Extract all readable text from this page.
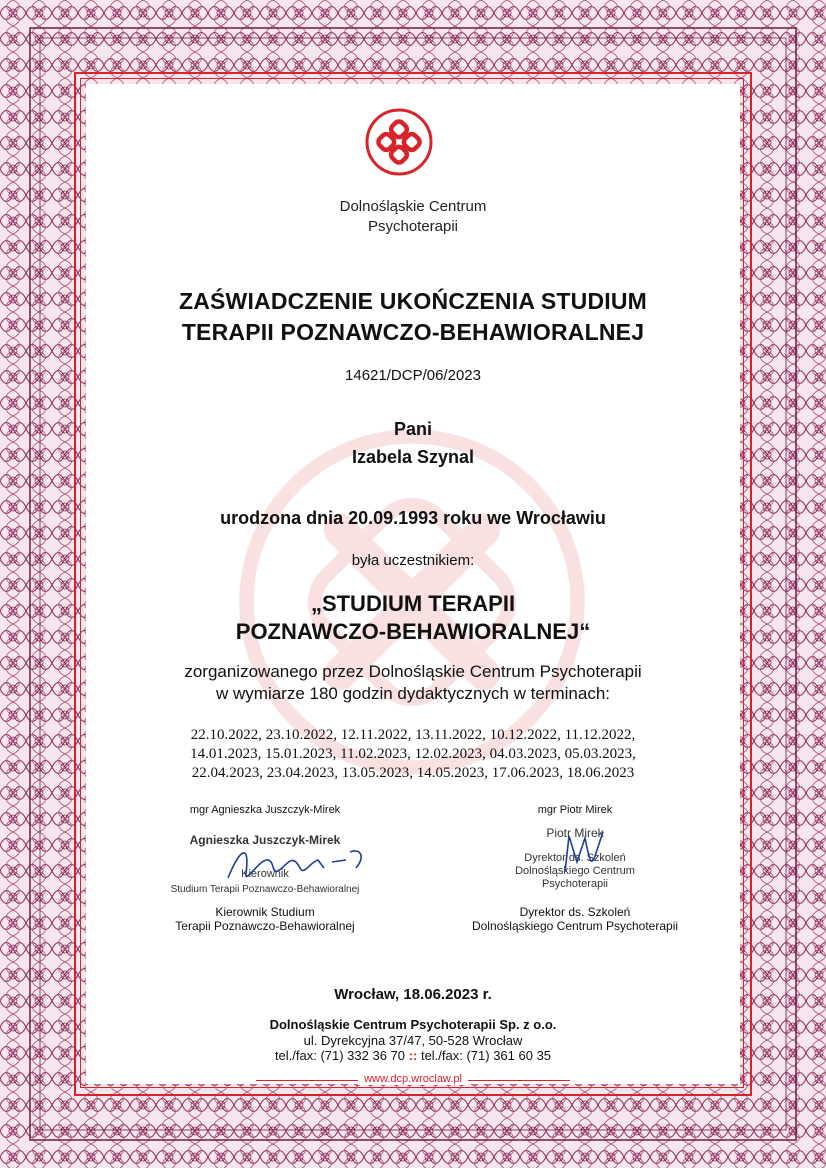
Dolnośląskie Centrum
Psychoterapii
ZAŚWIADCZENIE UKOŃCZENIA STUDIUM
TERAPII POZNAWCZO-BEHAWIORALNEJ
14621/DCP/06/2023
Pani
Izabela Szynal
urodzona dnia 20.09.1993 roku we Wrocławiu
była uczestnikiem:
„STUDIUM TERAPII
POZNAWCZO-BEHAWIORALNEJ“
zorganizowanego przez Dolnośląskie Centrum Psychoterapii
w wymiarze 180 godzin dydaktycznych w terminach:
22.10.2022, 23.10.2022, 12.11.2022, 13.11.2022, 10.12.2022, 11.12.2022,
14.01.2023, 15.01.2023, 11.02.2023, 12.02.2023, 04.03.2023, 05.03.2023,
22.04.2023, 23.04.2023, 13.05.2023, 14.05.2023, 17.06.2023, 18.06.2023
mgr Agnieszka Juszczyk-Mirek
Agnieszka Juszczyk-Mirek
Kierownik
Studium Terapii Poznawczo-Behawioralnej
Kierownik Studium
Terapii Poznawczo-Behawioralnej
mgr Piotr Mirek
Piotr Mirek
Dyrektor ds. Szkoleń
Dolnośląskiego Centrum
Psychoterapii
Dyrektor ds. Szkoleń
Dolnośląskiego Centrum Psychoterapii
Wrocław, 18.06.2023 r.
Dolnośląskie Centrum Psychoterapii Sp. z o.o.
ul. Dyrekcyjna 37/47, 50-528 Wrocław
tel./fax: (71) 332 36 70 :: tel./fax: (71) 361 60 35
www.dcp.wroclaw.pl
